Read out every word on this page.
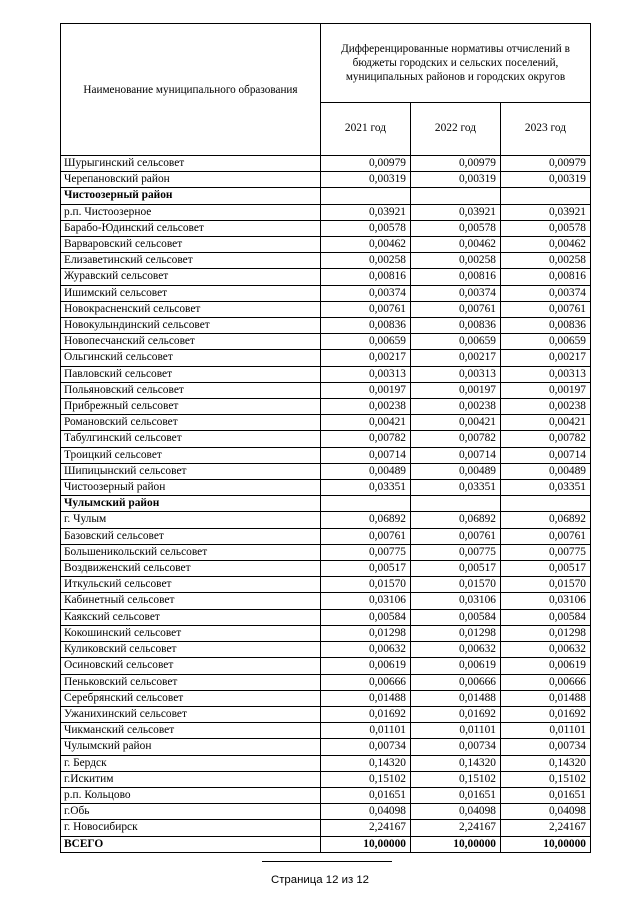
Наименование муниципального образования	Дифференцированные нормативы отчислений в бюджеты городских и сельских поселений, муниципальных районов и городских округов		
	2021 год	2022 год	2023 год
Шурыгинский сельсовет	0,00979	0,00979	0,00979
Черепановский район	0,00319	0,00319	0,00319
Чистоозерный район			
р.п. Чистоозерное	0,03921	0,03921	0,03921
Барабо-Юдинский сельсовет	0,00578	0,00578	0,00578
Варваровский сельсовет	0,00462	0,00462	0,00462
Елизаветинский сельсовет	0,00258	0,00258	0,00258
Журавский сельсовет	0,00816	0,00816	0,00816
Ишимский сельсовет	0,00374	0,00374	0,00374
Новокрасненский сельсовет	0,00761	0,00761	0,00761
Новокулындинский сельсовет	0,00836	0,00836	0,00836
Новопесчанский сельсовет	0,00659	0,00659	0,00659
Ольгинский сельсовет	0,00217	0,00217	0,00217
Павловский сельсовет	0,00313	0,00313	0,00313
Польяновский сельсовет	0,00197	0,00197	0,00197
Прибрежный сельсовет	0,00238	0,00238	0,00238
Романовский сельсовет	0,00421	0,00421	0,00421
Табулгинский сельсовет	0,00782	0,00782	0,00782
Троицкий сельсовет	0,00714	0,00714	0,00714
Шипицынский сельсовет	0,00489	0,00489	0,00489
Чистоозерный район	0,03351	0,03351	0,03351
Чулымский район			
г. Чулым	0,06892	0,06892	0,06892
Базовский сельсовет	0,00761	0,00761	0,00761
Большеникольский сельсовет	0,00775	0,00775	0,00775
Воздвиженский сельсовет	0,00517	0,00517	0,00517
Иткульский сельсовет	0,01570	0,01570	0,01570
Кабинетный сельсовет	0,03106	0,03106	0,03106
Каякский сельсовет	0,00584	0,00584	0,00584
Кокошинский сельсовет	0,01298	0,01298	0,01298
Куликовский сельсовет	0,00632	0,00632	0,00632
Осиновский сельсовет	0,00619	0,00619	0,00619
Пеньковский сельсовет	0,00666	0,00666	0,00666
Серебрянский сельсовет	0,01488	0,01488	0,01488
Ужанихинский сельсовет	0,01692	0,01692	0,01692
Чикманский сельсовет	0,01101	0,01101	0,01101
Чулымский район	0,00734	0,00734	0,00734
г. Бердск	0,14320	0,14320	0,14320
г.Искитим	0,15102	0,15102	0,15102
р.п. Кольцово	0,01651	0,01651	0,01651
г.Обь	0,04098	0,04098	0,04098
г. Новосибирск	2,24167	2,24167	2,24167
ВСЕГО	10,00000	10,00000	10,00000
Страница 12 из 12
